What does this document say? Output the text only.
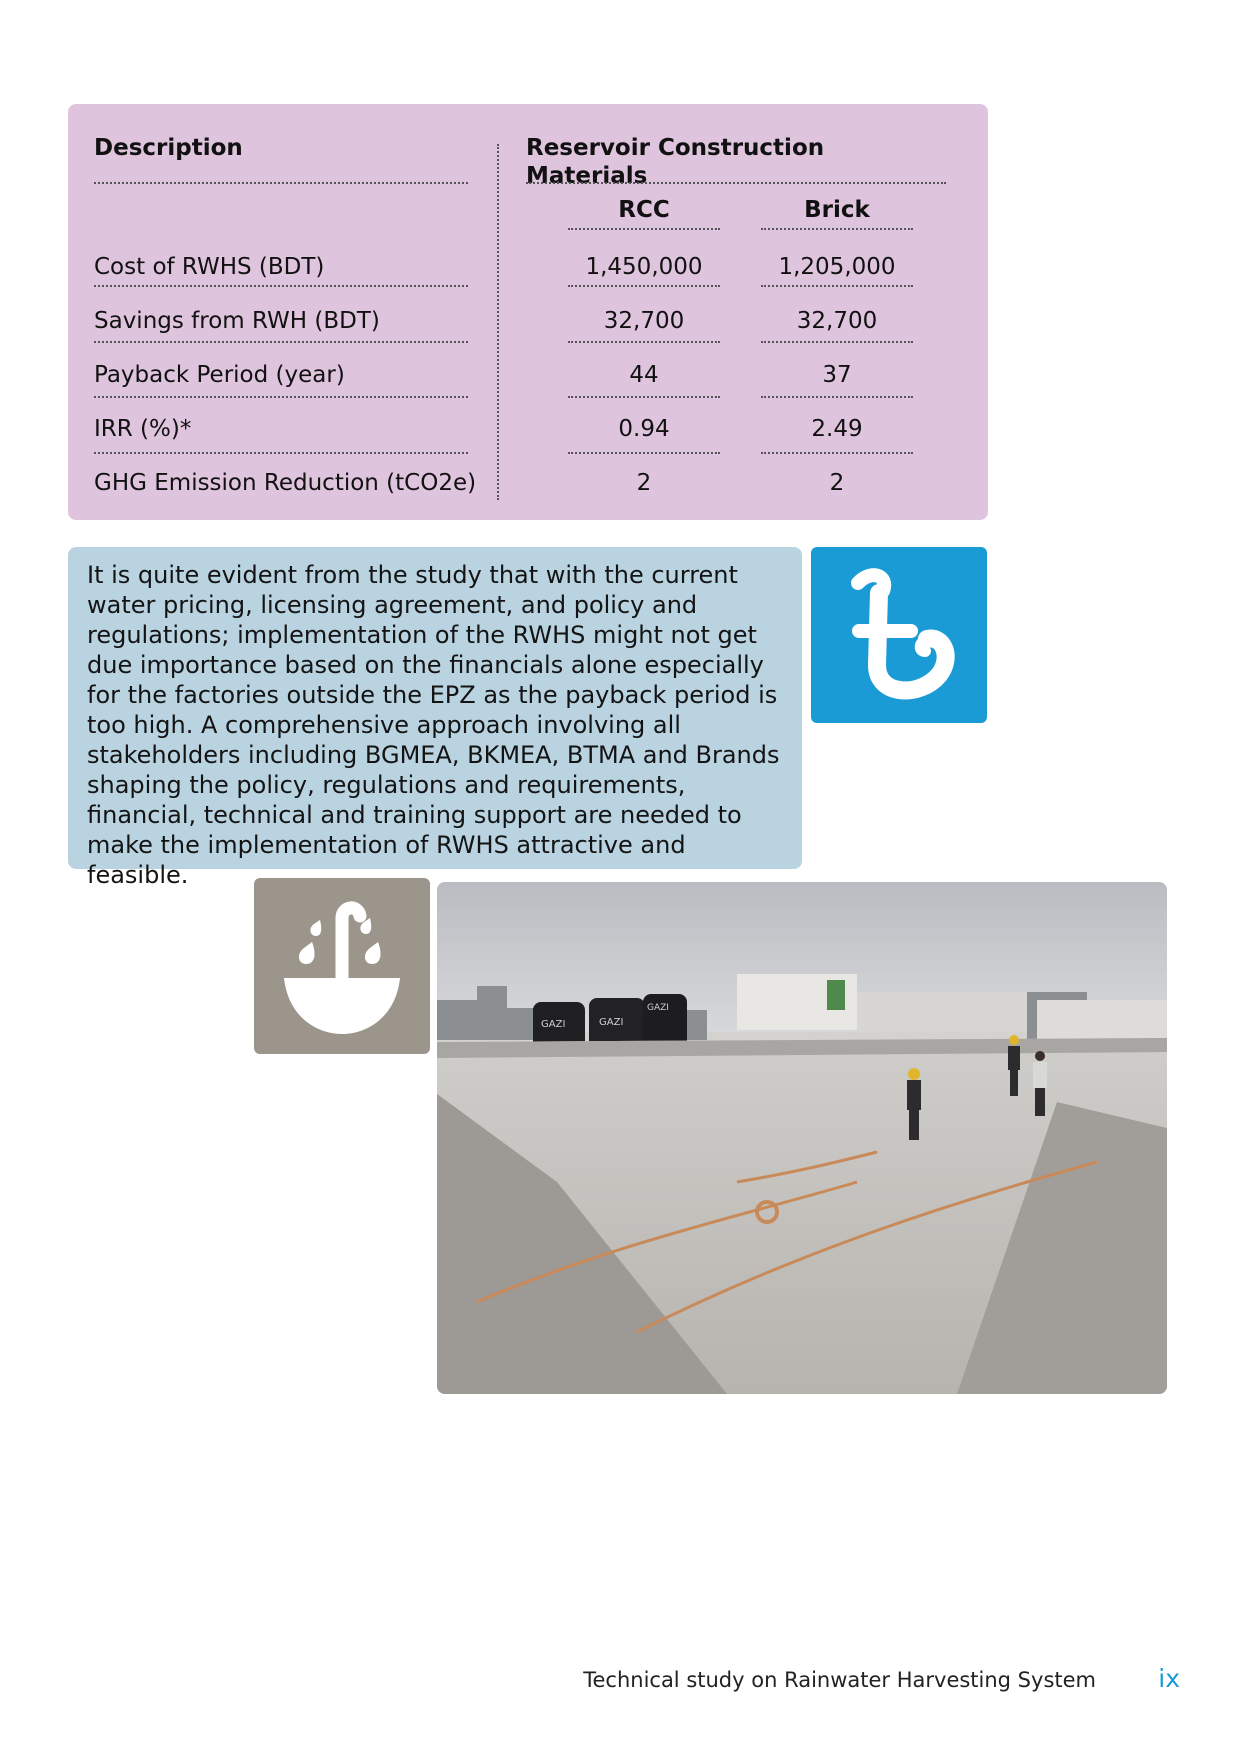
Description	Reservoir Construction Materials
RCC	Brick
Cost of RWHS (BDT)	1,450,000	1,205,000
Savings from RWH (BDT)	32,700	32,700
Payback Period (year)	44	37
IRR (%)*	0.94	2.49
GHG Emission Reduction (tCO2e)	2	2

It is quite evident from the study that with the current water pricing, licensing agreement, and policy and regulations; implementation of the RWHS might not get due importance based on the financials alone especially for the factories outside the EPZ as the payback period is too high. A comprehensive approach involving all stakeholders including BGMEA, BKMEA, BTMA and Brands shaping the policy, regulations and requirements, financial, technical and training support are needed to make the implementation of RWHS attractive and feasible.

GAZI	GAZI
GAZI
Technical study on Rainwater Harvesting System	ix
